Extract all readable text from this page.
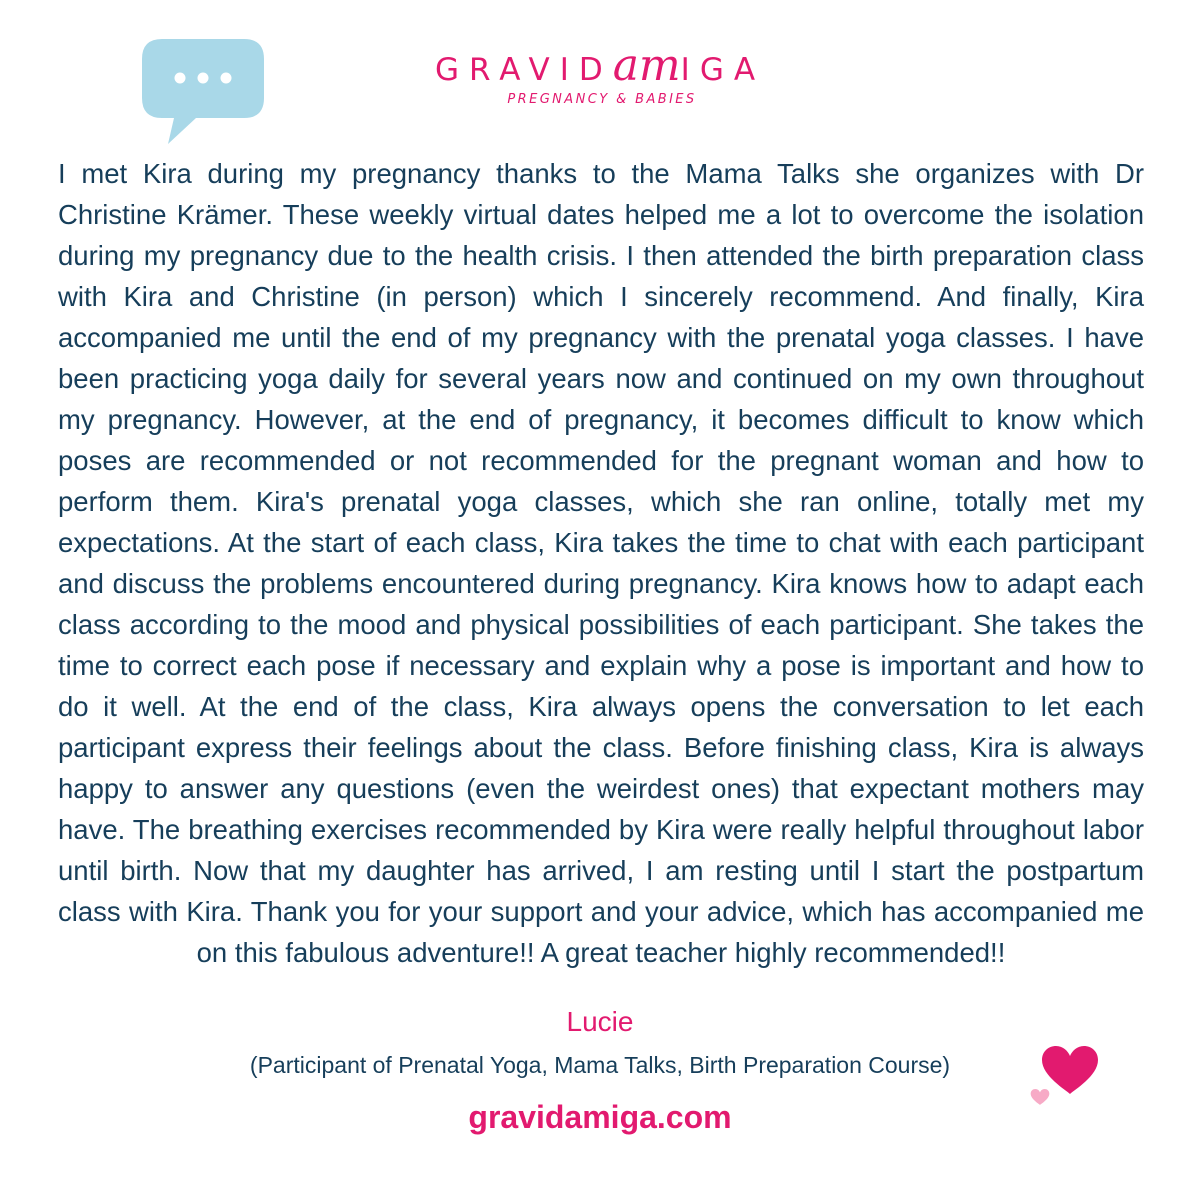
GRAVIDamIGA
PREGNANCY & BABIES

I met Kira during my pregnancy thanks to the Mama Talks she organizes with Dr Christine Krämer. These weekly virtual dates helped me a lot to overcome the isolation during my pregnancy due to the health crisis. I then attended the birth preparation class with Kira and Christine (in person) which I sincerely recommend. And finally, Kira accompanied me until the end of my pregnancy with the prenatal yoga classes. I have been practicing yoga daily for several years now and continued on my own throughout my pregnancy. However, at the end of pregnancy, it becomes difficult to know which poses are recommended or not recommended for the pregnant woman and how to perform them. Kira's prenatal yoga classes, which she ran online, totally met my expectations. At the start of each class, Kira takes the time to chat with each participant and discuss the problems encountered during pregnancy. Kira knows how to adapt each class according to the mood and physical possibilities of each participant. She takes the time to correct each pose if necessary and explain why a pose is important and how to do it well. At the end of the class, Kira always opens the conversation to let each participant express their feelings about the class. Before finishing class, Kira is always happy to answer any questions (even the weirdest ones) that expectant mothers may have. The breathing exercises recommended by Kira were really helpful throughout labor until birth. Now that my daughter has arrived, I am resting until I start the postpartum class with Kira. Thank you for your support and your advice, which has accompanied me on this fabulous adventure!! A great teacher highly recommended!!

Lucie
(Participant of Prenatal Yoga, Mama Talks, Birth Preparation Course)
gravidamiga.com
